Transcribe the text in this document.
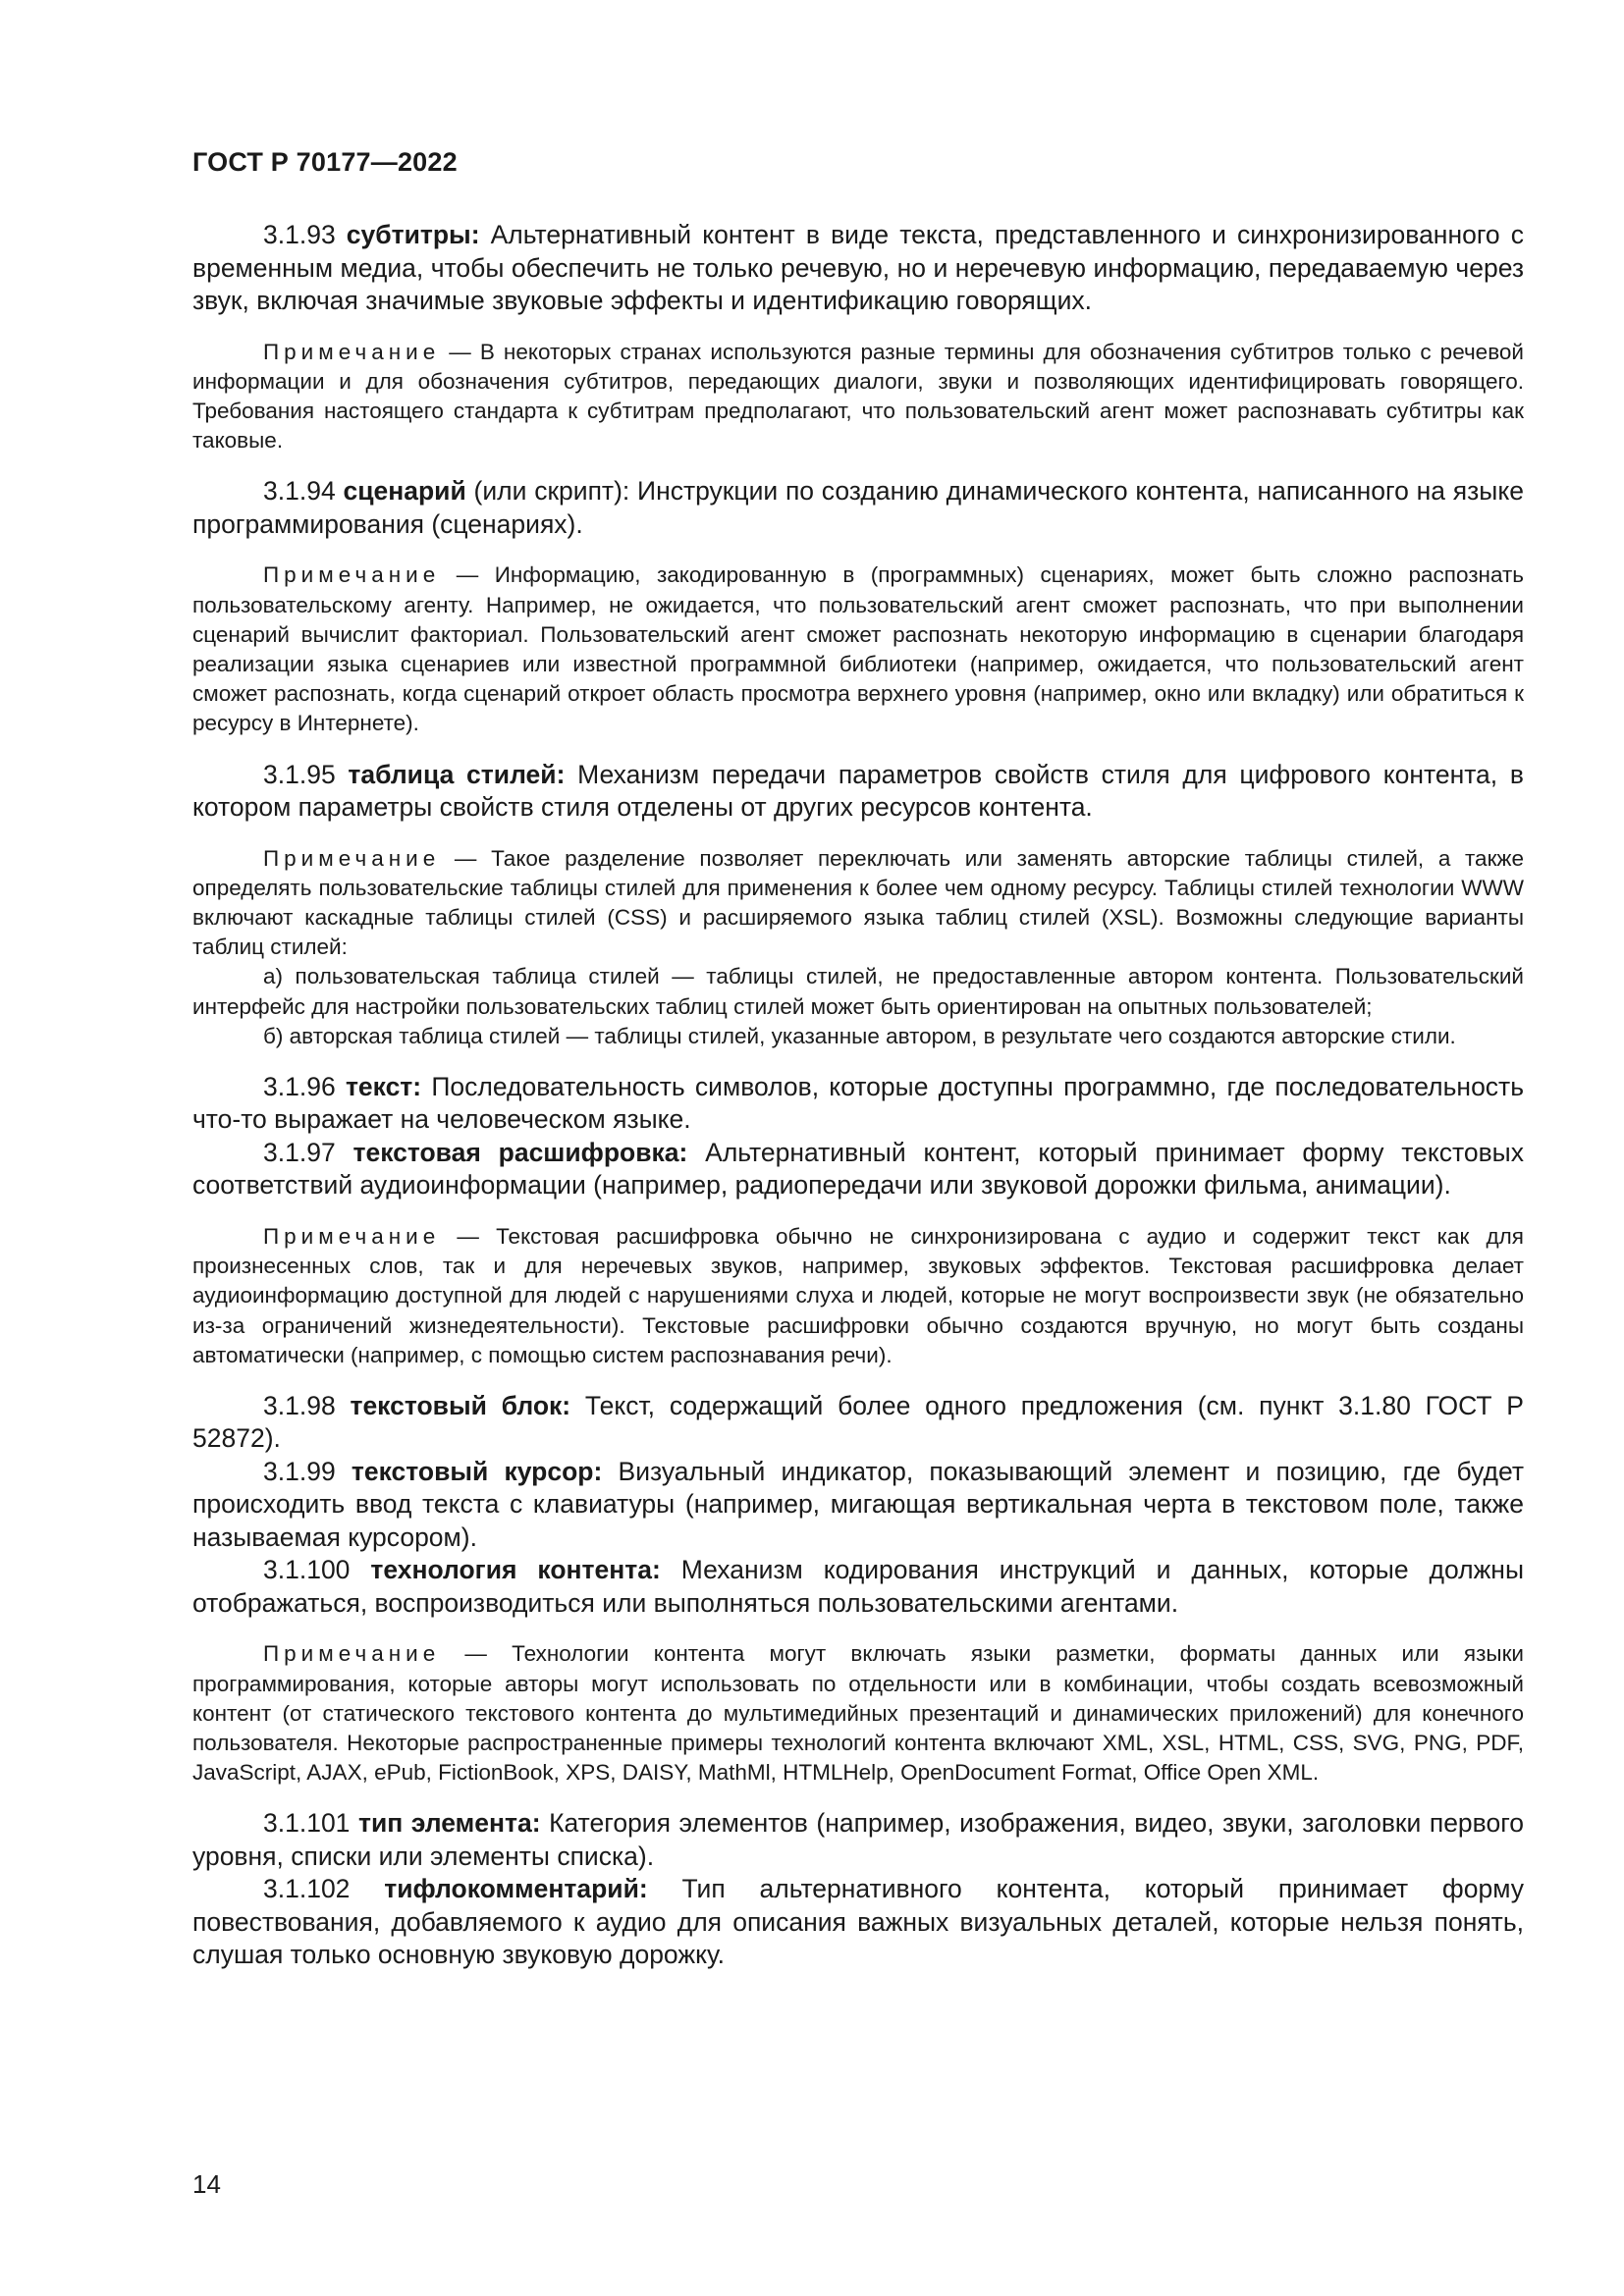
ГОСТ Р 70177—2022

3.1.93 субтитры: Альтернативный контент в виде текста, представленного и синхронизированного с временным медиа, чтобы обеспечить не только речевую, но и неречевую информацию, передаваемую через звук, включая значимые звуковые эффекты и идентификацию говорящих.

Примечание — В некоторых странах используются разные термины для обозначения субтитров только с речевой информации и для обозначения субтитров, передающих диалоги, звуки и позволяющих идентифицировать говорящего. Требования настоящего стандарта к субтитрам предполагают, что пользовательский агент может распознавать субтитры как таковые.

3.1.94 сценарий (или скрипт): Инструкции по созданию динамического контента, написанного на языке программирования (сценариях).

Примечание — Информацию, закодированную в (программных) сценариях, может быть сложно распознать пользовательскому агенту. Например, не ожидается, что пользовательский агент сможет распознать, что при выполнении сценарий вычислит факториал. Пользовательский агент сможет распознать некоторую информацию в сценарии благодаря реализации языка сценариев или известной программной библиотеки (например, ожидается, что пользовательский агент сможет распознать, когда сценарий откроет область просмотра верхнего уровня (например, окно или вкладку) или обратиться к ресурсу в Интернете).

3.1.95 таблица стилей: Механизм передачи параметров свойств стиля для цифрового контента, в котором параметры свойств стиля отделены от других ресурсов контента.

Примечание — Такое разделение позволяет переключать или заменять авторские таблицы стилей, а также определять пользовательские таблицы стилей для применения к более чем одному ресурсу. Таблицы стилей технологии WWW включают каскадные таблицы стилей (CSS) и расширяемого языка таблиц стилей (XSL). Возможны следующие варианты таблиц стилей:

а) пользовательская таблица стилей — таблицы стилей, не предоставленные автором контента. Пользовательский интерфейс для настройки пользовательских таблиц стилей может быть ориентирован на опытных пользователей;

б) авторская таблица стилей — таблицы стилей, указанные автором, в результате чего создаются авторские стили.

3.1.96 текст: Последовательность символов, которые доступны программно, где последовательность что-то выражает на человеческом языке.

3.1.97 текстовая расшифровка: Альтернативный контент, который принимает форму текстовых соответствий аудиоинформации (например, радиопередачи или звуковой дорожки фильма, анимации).

Примечание — Текстовая расшифровка обычно не синхронизирована с аудио и содержит текст как для произнесенных слов, так и для неречевых звуков, например, звуковых эффектов. Текстовая расшифровка делает аудиоинформацию доступной для людей с нарушениями слуха и людей, которые не могут воспроизвести звук (не обязательно из-за ограничений жизнедеятельности). Текстовые расшифровки обычно создаются вручную, но могут быть созданы автоматически (например, с помощью систем распознавания речи).

3.1.98 текстовый блок: Текст, содержащий более одного предложения (см. пункт 3.1.80 ГОСТ Р 52872).

3.1.99 текстовый курсор: Визуальный индикатор, показывающий элемент и позицию, где будет происходить ввод текста с клавиатуры (например, мигающая вертикальная черта в текстовом поле, также называемая курсором).

3.1.100 технология контента: Механизм кодирования инструкций и данных, которые должны отображаться, воспроизводиться или выполняться пользовательскими агентами.

Примечание — Технологии контента могут включать языки разметки, форматы данных или языки программирования, которые авторы могут использовать по отдельности или в комбинации, чтобы создать всевозможный контент (от статического текстового контента до мультимедийных презентаций и динамических приложений) для конечного пользователя. Некоторые распространенные примеры технологий контента включают XML, XSL, HTML, CSS, SVG, PNG, PDF, JavaScript, AJAX, ePub, FictionBook, XPS, DAISY, MathMl, HTMLHelp, OpenDocument Format, Office Open XML.

3.1.101 тип элемента: Категория элементов (например, изображения, видео, звуки, заголовки первого уровня, списки или элементы списка).

3.1.102 тифлокомментарий: Тип альтернативного контента, который принимает форму повествования, добавляемого к аудио для описания важных визуальных деталей, которые нельзя понять, слушая только основную звуковую дорожку.

14
